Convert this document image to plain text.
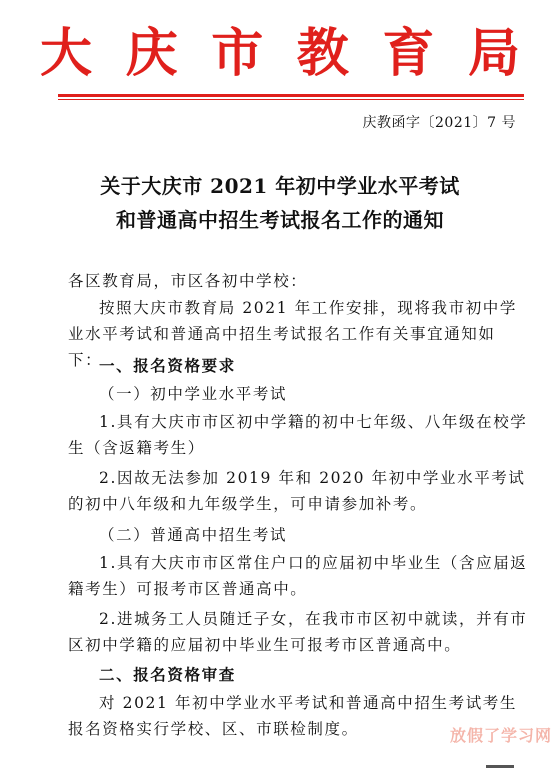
大 庆 市 教 育 局
庆教函字〔2021〕7 号
关于大庆市 2021 年初中学业水平考试
和普通高中招生考试报名工作的通知
各区教育局，市区各初中学校：
按照大庆市教育局 2021 年工作安排，现将我市初中学业水平考试和普通高中招生考试报名工作有关事宜通知如下：
一、报名资格要求
（一）初中学业水平考试
1.具有大庆市市区初中学籍的初中七年级、八年级在校学生（含返籍考生）
2.因故无法参加 2019 年和 2020 年初中学业水平考试的初中八年级和九年级学生，可申请参加补考。
（二）普通高中招生考试
1.具有大庆市市区常住户口的应届初中毕业生（含应届返籍考生）可报考市区普通高中。
2.进城务工人员随迁子女，在我市市区初中就读，并有市区初中学籍的应届初中毕业生可报考市区普通高中。
二、报名资格审查
对 2021 年初中学业水平考试和普通高中招生考试考生报名资格实行学校、区、市联检制度。	放假了学习网
